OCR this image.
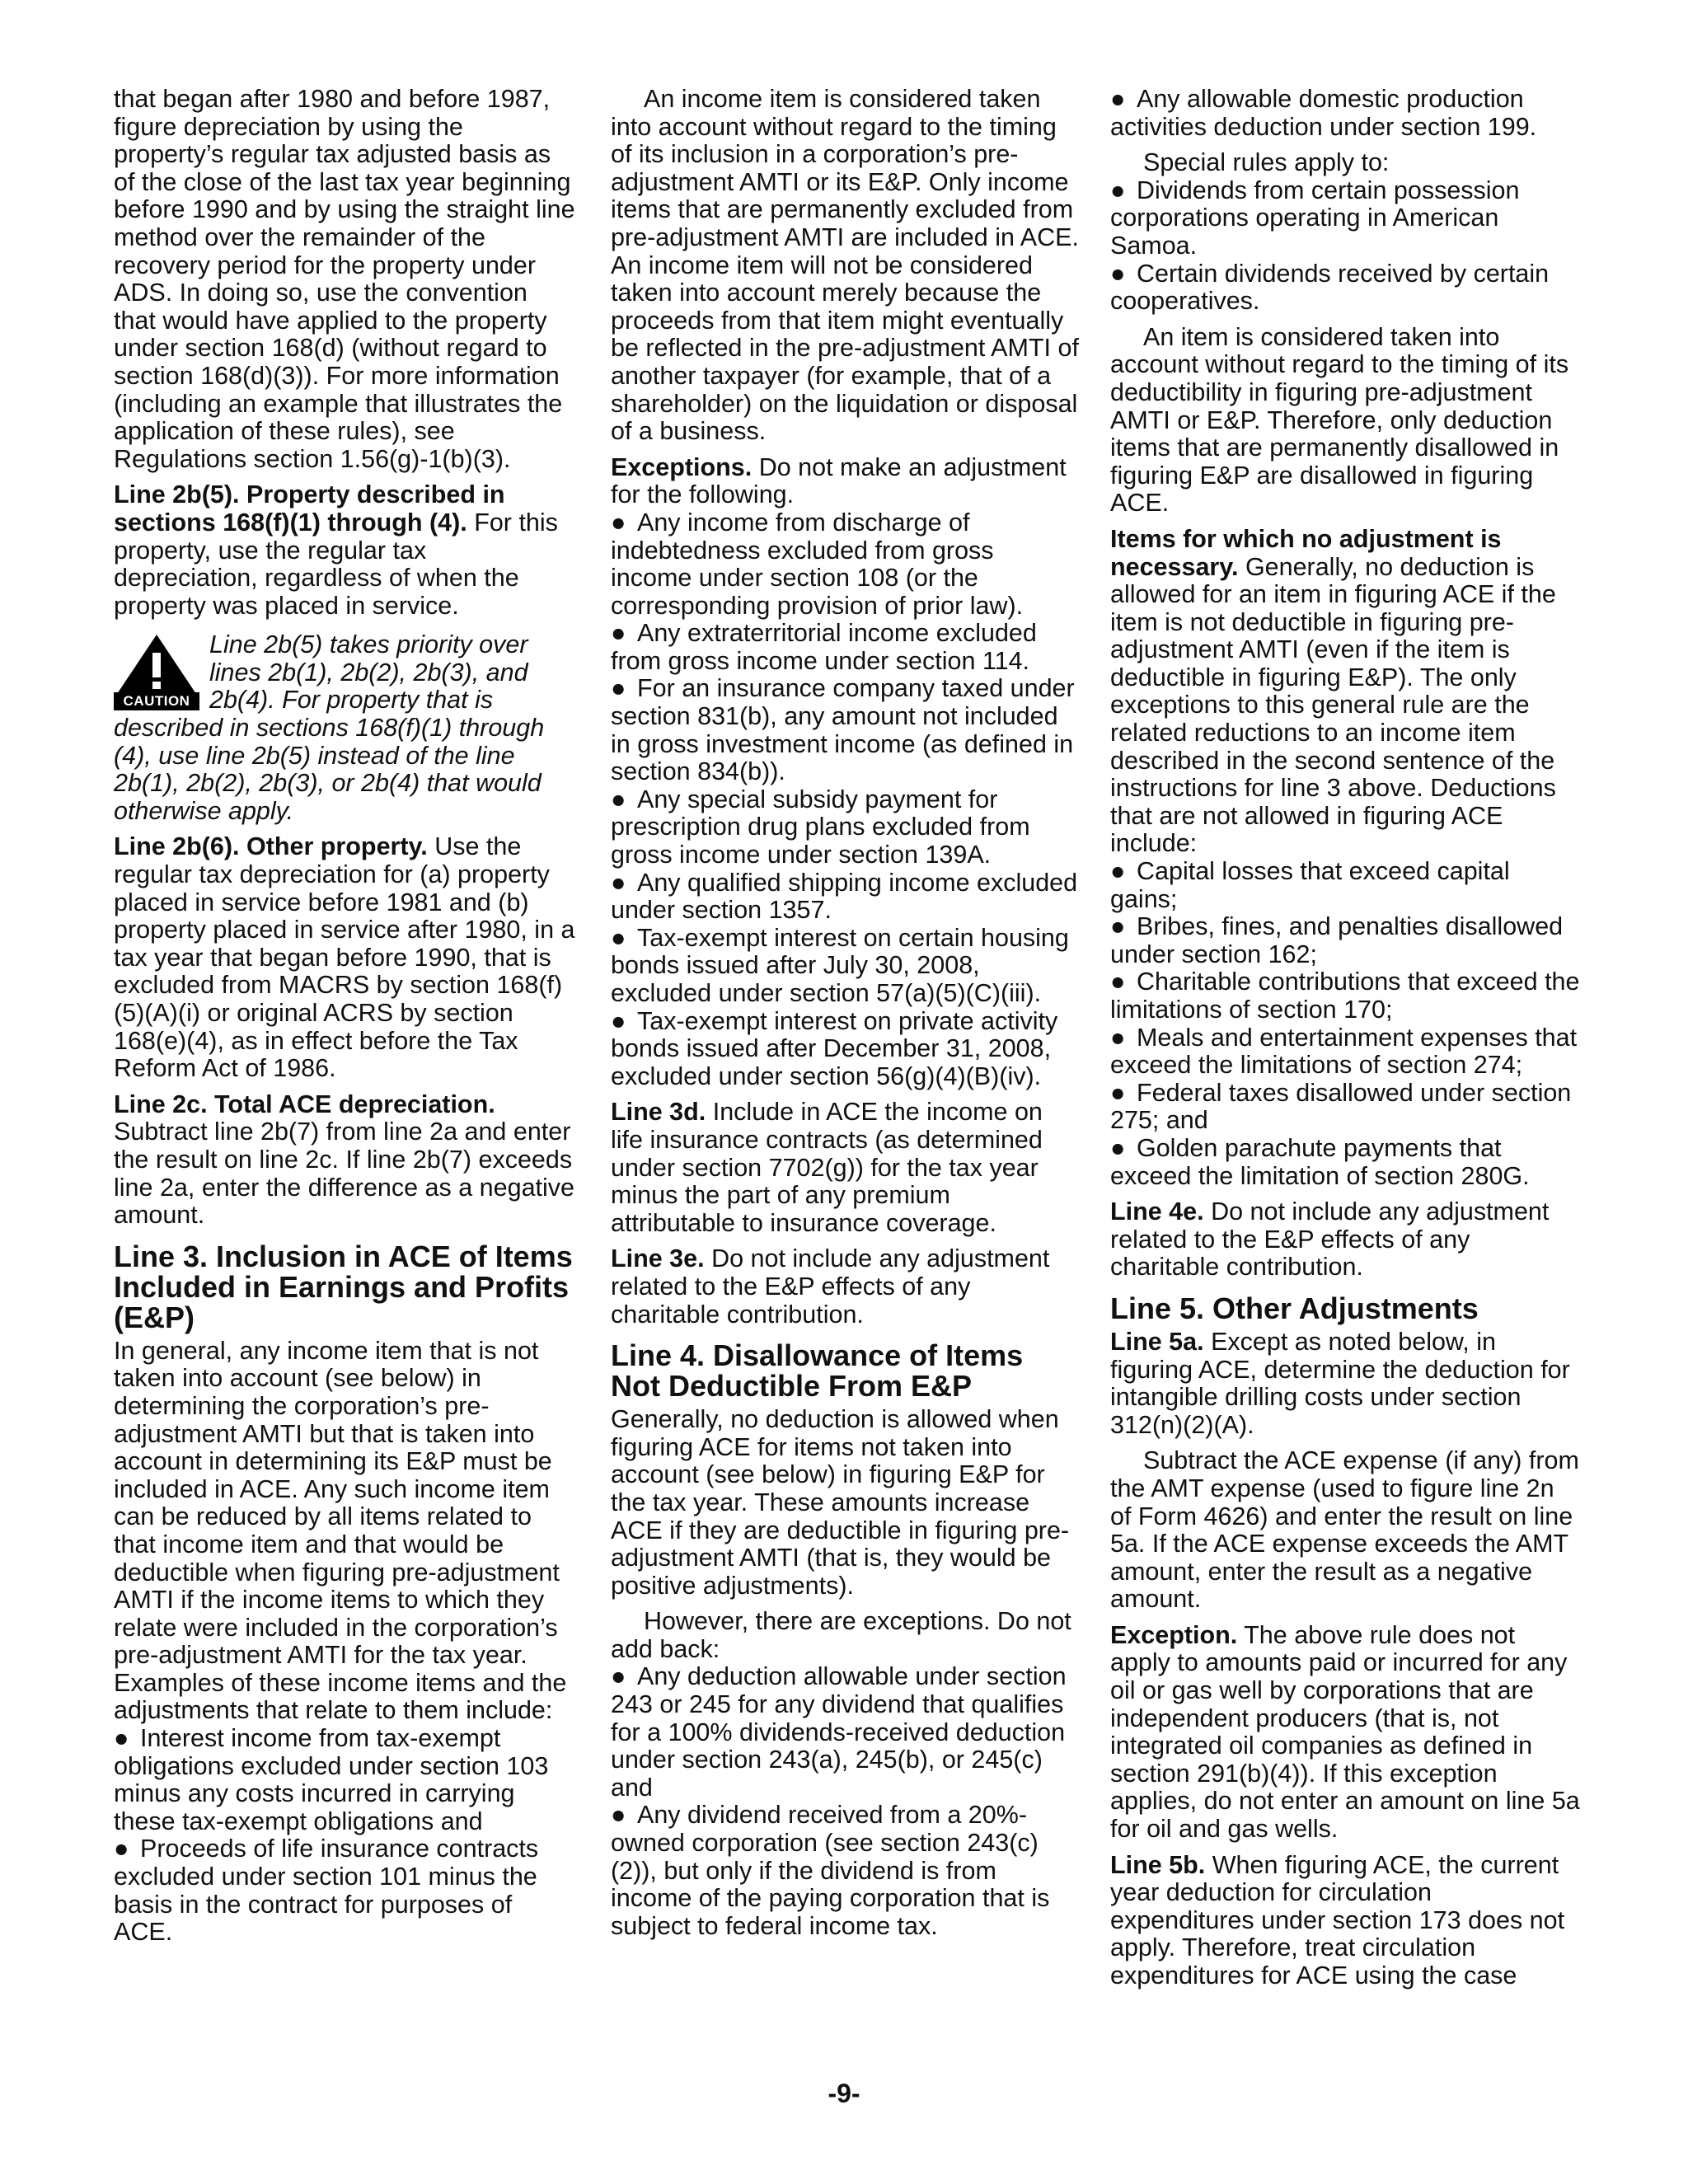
that began after 1980 and before 1987, figure depreciation by using the property’s regular tax adjusted basis as of the close of the last tax year beginning before 1990 and by using the straight line method over the remainder of the recovery period for the property under ADS. In doing so, use the convention that would have applied to the property under section 168(d) (without regard to section 168(d)(3)). For more information (including an example that illustrates the application of these rules), see Regulations section 1.56(g)-1(b)(3).

Line 2b(5). Property described in sections 168(f)(1) through (4). For this property, use the regular tax depreciation, regardless of when the property was placed in service.

CAUTION
Line 2b(5) takes priority over lines 2b(1), 2b(2), 2b(3), and 2b(4). For property that is described in sections 168(f)(1) through (4), use line 2b(5) instead of the line 2b(1), 2b(2), 2b(3), or 2b(4) that would otherwise apply.

Line 2b(6). Other property. Use the regular tax depreciation for (a) property placed in service before 1981 and (b) property placed in service after 1980, in a tax year that began before 1990, that is excluded from MACRS by section 168(f)(5)(A)(i) or original ACRS by section 168(e)(4), as in effect before the Tax Reform Act of 1986.

Line 2c. Total ACE depreciation. Subtract line 2b(7) from line 2a and enter the result on line 2c. If line 2b(7) exceeds line 2a, enter the difference as a negative amount.

Line 3. Inclusion in ACE of Items Included in Earnings and Profits (E&P)

In general, any income item that is not taken into account (see below) in determining the corporation’s pre-adjustment AMTI but that is taken into account in determining its E&P must be included in ACE. Any such income item can be reduced by all items related to that income item and that would be deductible when figuring pre-adjustment AMTI if the income items to which they relate were included in the corporation’s pre-adjustment AMTI for the tax year. Examples of these income items and the adjustments that relate to them include:

● Interest income from tax-exempt obligations excluded under section 103 minus any costs incurred in carrying these tax-exempt obligations and

● Proceeds of life insurance contracts excluded under section 101 minus the basis in the contract for purposes of ACE.

An income item is considered taken into account without regard to the timing of its inclusion in a corporation’s pre-adjustment AMTI or its E&P. Only income items that are permanently excluded from pre-adjustment AMTI are included in ACE. An income item will not be considered taken into account merely because the proceeds from that item might eventually be reflected in the pre-adjustment AMTI of another taxpayer (for example, that of a shareholder) on the liquidation or disposal of a business.

Exceptions. Do not make an adjustment for the following.

● Any income from discharge of indebtedness excluded from gross income under section 108 (or the corresponding provision of prior law).

● Any extraterritorial income excluded from gross income under section 114.

● For an insurance company taxed under section 831(b), any amount not included in gross investment income (as defined in section 834(b)).

● Any special subsidy payment for prescription drug plans excluded from gross income under section 139A.

● Any qualified shipping income excluded under section 1357.

● Tax-exempt interest on certain housing bonds issued after July 30, 2008, excluded under section 57(a)(5)(C)(iii).

● Tax-exempt interest on private activity bonds issued after December 31, 2008, excluded under section 56(g)(4)(B)(iv).

Line 3d. Include in ACE the income on life insurance contracts (as determined under section 7702(g)) for the tax year minus the part of any premium attributable to insurance coverage.

Line 3e. Do not include any adjustment related to the E&P effects of any charitable contribution.

Line 4. Disallowance of Items Not Deductible From E&P

Generally, no deduction is allowed when figuring ACE for items not taken into account (see below) in figuring E&P for the tax year. These amounts increase ACE if they are deductible in figuring pre-adjustment AMTI (that is, they would be positive adjustments).

However, there are exceptions. Do not add back:

● Any deduction allowable under section 243 or 245 for any dividend that qualifies for a 100% dividends-received deduction under section 243(a), 245(b), or 245(c) and

● Any dividend received from a 20%-owned corporation (see section 243(c)(2)), but only if the dividend is from income of the paying corporation that is subject to federal income tax.

● Any allowable domestic production activities deduction under section 199.

Special rules apply to:

● Dividends from certain possession corporations operating in American Samoa.

● Certain dividends received by certain cooperatives.

An item is considered taken into account without regard to the timing of its deductibility in figuring pre-adjustment AMTI or E&P. Therefore, only deduction items that are permanently disallowed in figuring E&P are disallowed in figuring ACE.

Items for which no adjustment is necessary. Generally, no deduction is allowed for an item in figuring ACE if the item is not deductible in figuring pre-adjustment AMTI (even if the item is deductible in figuring E&P). The only exceptions to this general rule are the related reductions to an income item described in the second sentence of the instructions for line 3 above. Deductions that are not allowed in figuring ACE include:

● Capital losses that exceed capital gains;

● Bribes, fines, and penalties disallowed under section 162;

● Charitable contributions that exceed the limitations of section 170;

● Meals and entertainment expenses that exceed the limitations of section 274;

● Federal taxes disallowed under section 275; and

● Golden parachute payments that exceed the limitation of section 280G.

Line 4e. Do not include any adjustment related to the E&P effects of any charitable contribution.

Line 5. Other Adjustments

Line 5a. Except as noted below, in figuring ACE, determine the deduction for intangible drilling costs under section 312(n)(2)(A).

Subtract the ACE expense (if any) from the AMT expense (used to figure line 2n of Form 4626) and enter the result on line 5a. If the ACE expense exceeds the AMT amount, enter the result as a negative amount.

Exception. The above rule does not apply to amounts paid or incurred for any oil or gas well by corporations that are independent producers (that is, not integrated oil companies as defined in section 291(b)(4)). If this exception applies, do not enter an amount on line 5a for oil and gas wells.

Line 5b. When figuring ACE, the current year deduction for circulation expenditures under section 173 does not apply. Therefore, treat circulation expenditures for ACE using the case

-9-
